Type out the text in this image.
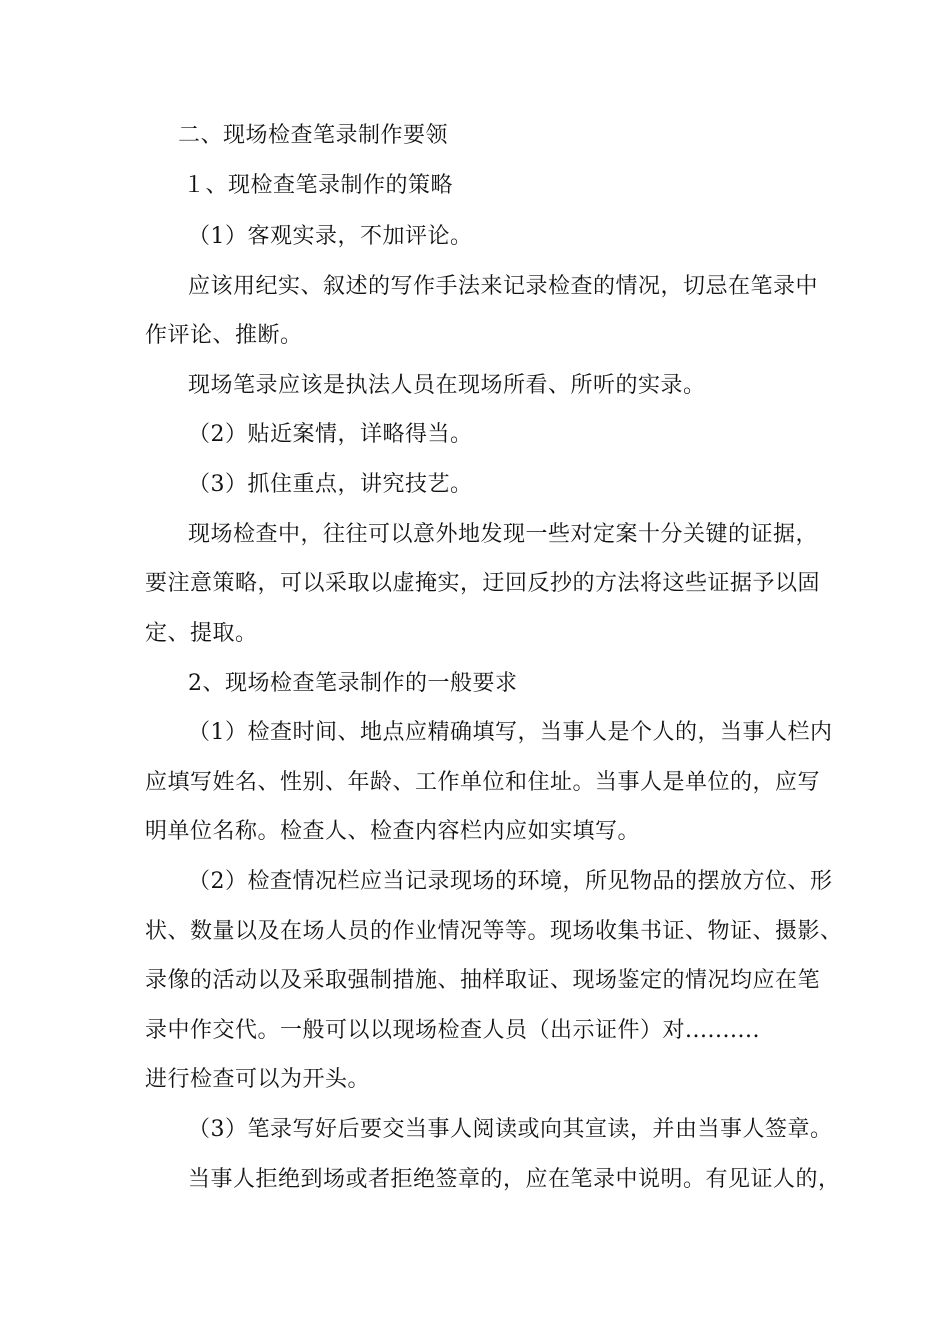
二、现场检查笔录制作要领
１、现检查笔录制作的策略
（1）客观实录，不加评论。
应该用纪实、叙述的写作手法来记录检查的情况，切忌在笔录中
作评论、推断。
现场笔录应该是执法人员在现场所看、所听的实录。
（2）贴近案情，详略得当。
（3）抓住重点，讲究技艺。
现场检查中，往往可以意外地发现一些对定案十分关键的证据，
要注意策略，可以采取以虚掩实，迂回反抄的方法将这些证据予以固
定、提取。
2、现场检查笔录制作的一般要求
（1）检查时间、地点应精确填写，当事人是个人的，当事人栏内
应填写姓名、性别、年龄、工作单位和住址。当事人是单位的，应写
明单位名称。检查人、检查内容栏内应如实填写。
（2）检查情况栏应当记录现场的环境，所见物品的摆放方位、形
状、数量以及在场人员的作业情况等等。现场收集书证、物证、摄影、
录像的活动以及采取强制措施、抽样取证、现场鉴定的情况均应在笔
录中作交代。一般可以以现场检查人员（出示证件）对..........
进行检查可以为开头。
（3）笔录写好后要交当事人阅读或向其宣读，并由当事人签章。
当事人拒绝到场或者拒绝签章的，应在笔录中说明。有见证人的，
